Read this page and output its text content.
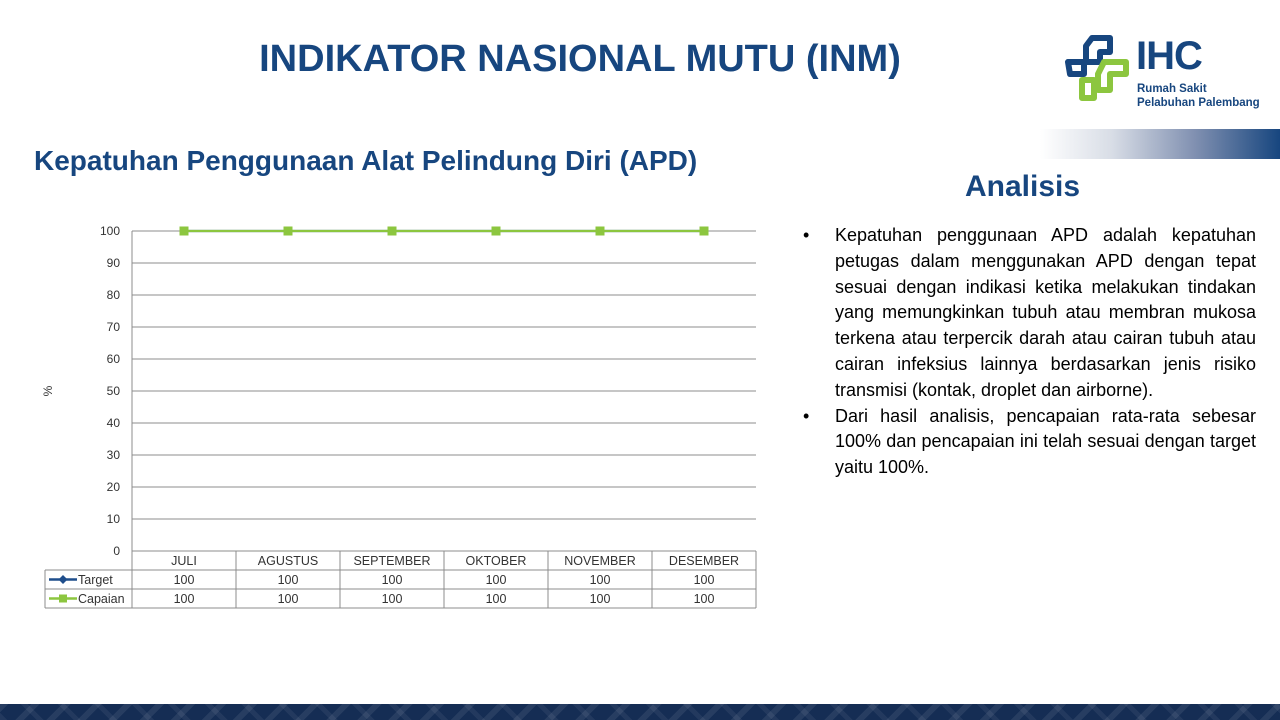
INDIKATOR NASIONAL MUTU (INM)	IHC
Rumah Sakit
Pelabuhan Palembang
Kepatuhan Penggunaan Alat Pelindung Diri (APD)
Analisis
• Kepatuhan penggunaan APD adalah kepatuhan petugas dalam menggunakan APD dengan tepat sesuai dengan indikasi ketika melakukan tindakan yang memungkinkan tubuh atau membran mukosa terkena atau terpercik darah atau cairan tubuh atau cairan infeksius lainnya berdasarkan jenis risiko transmisi (kontak, droplet dan airborne).
• Dari hasil analisis, pencapaian rata-rata sebesar 100% dan pencapaian ini telah sesuai dengan target yaitu 100%.
0
10
20
30
40
50
60
70
80
90
100
%
JULI	AGUSTUS	SEPTEMBER	OKTOBER	NOVEMBER	DESEMBER
Target	100	100	100	100	100	100
Capaian	100	100	100	100	100	100
